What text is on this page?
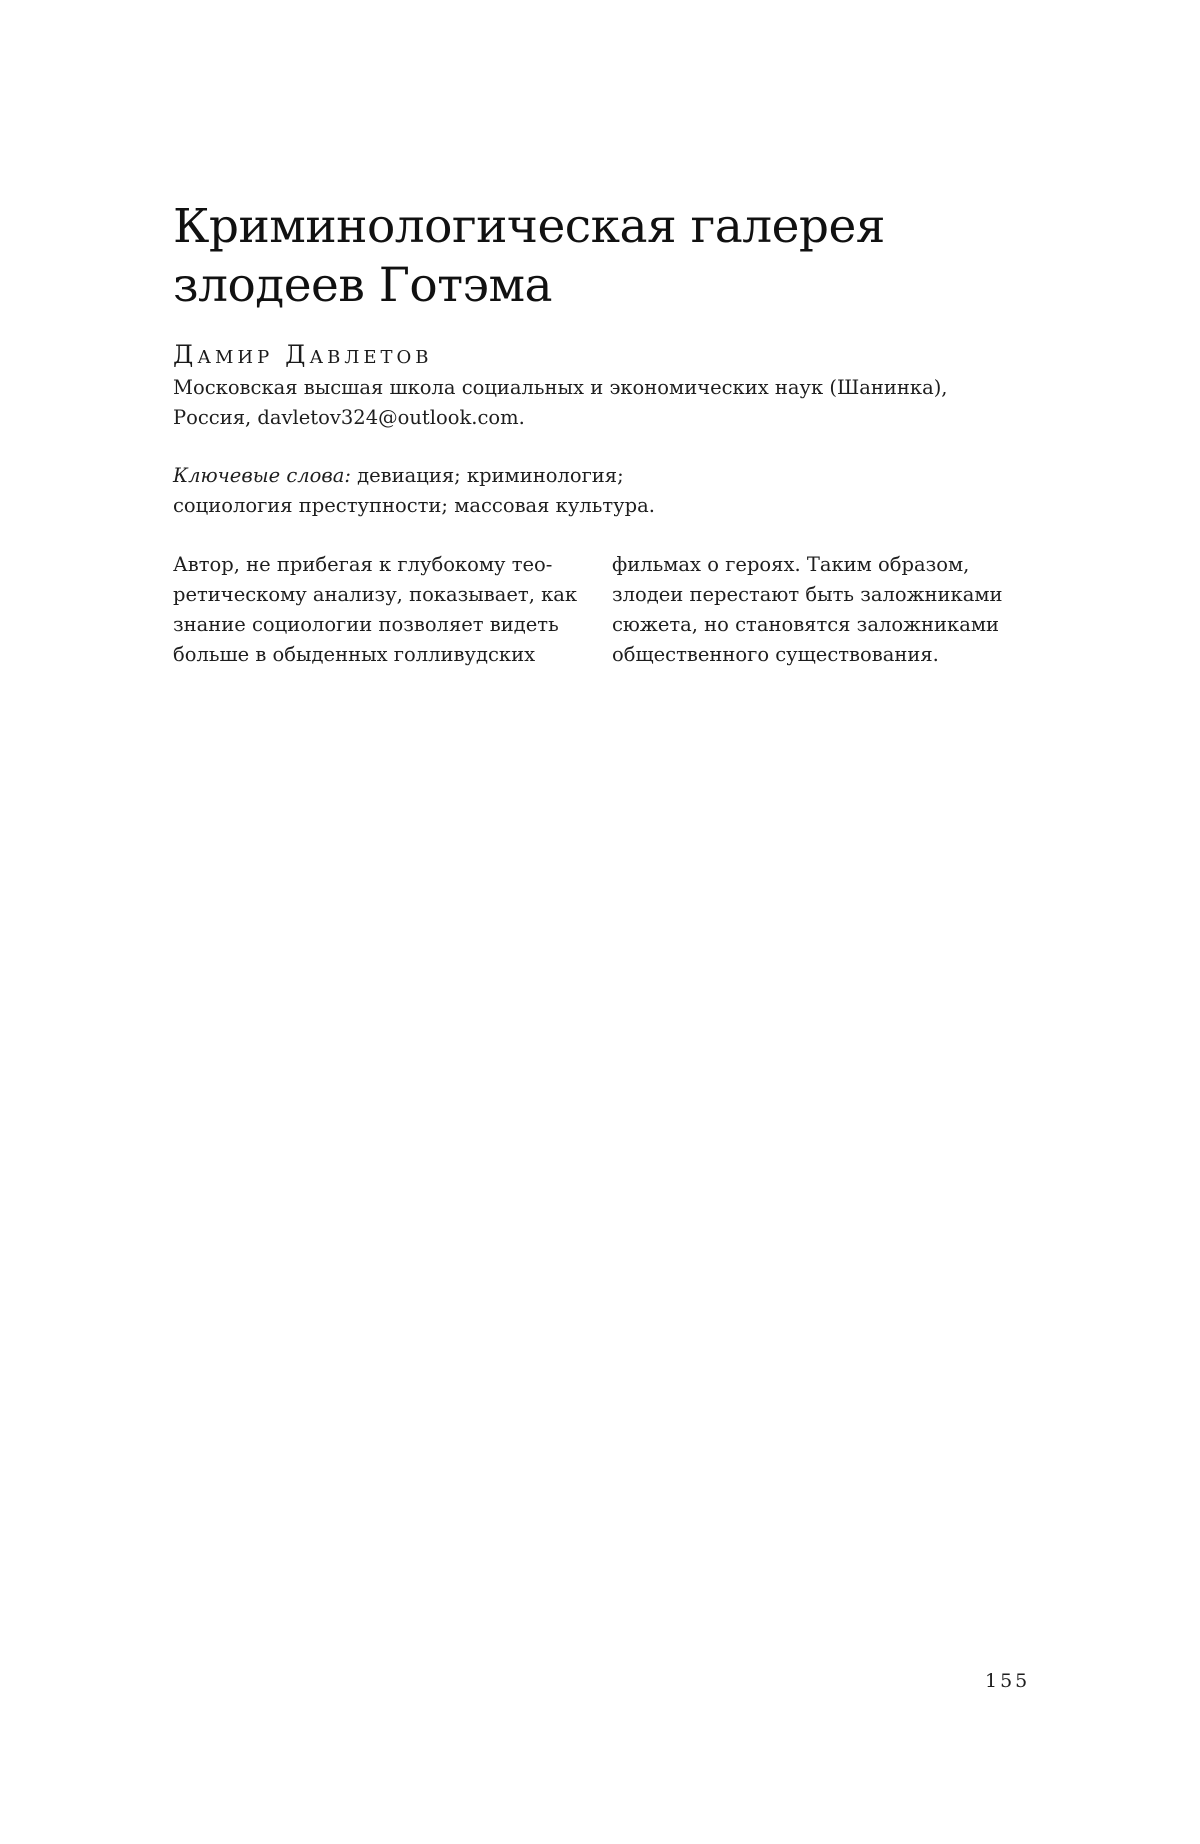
Криминологическая галерея
злодеев Готэма
Дамир Давлетов
Московская высшая школа социальных и экономических наук (Шанинка),
Россия, davletov324@outlook.com.
Ключевые слова: девиация; криминология;
социология преступности; массовая культура.
Автор, не прибегая к глубокому тео-
ретическому анализу, показывает, как
знание социологии позволяет видеть
больше в обыденных голливудских
фильмах о героях. Таким образом,
злодеи перестают быть заложниками
сюжета, но становятся заложниками
общественного существования.
155
